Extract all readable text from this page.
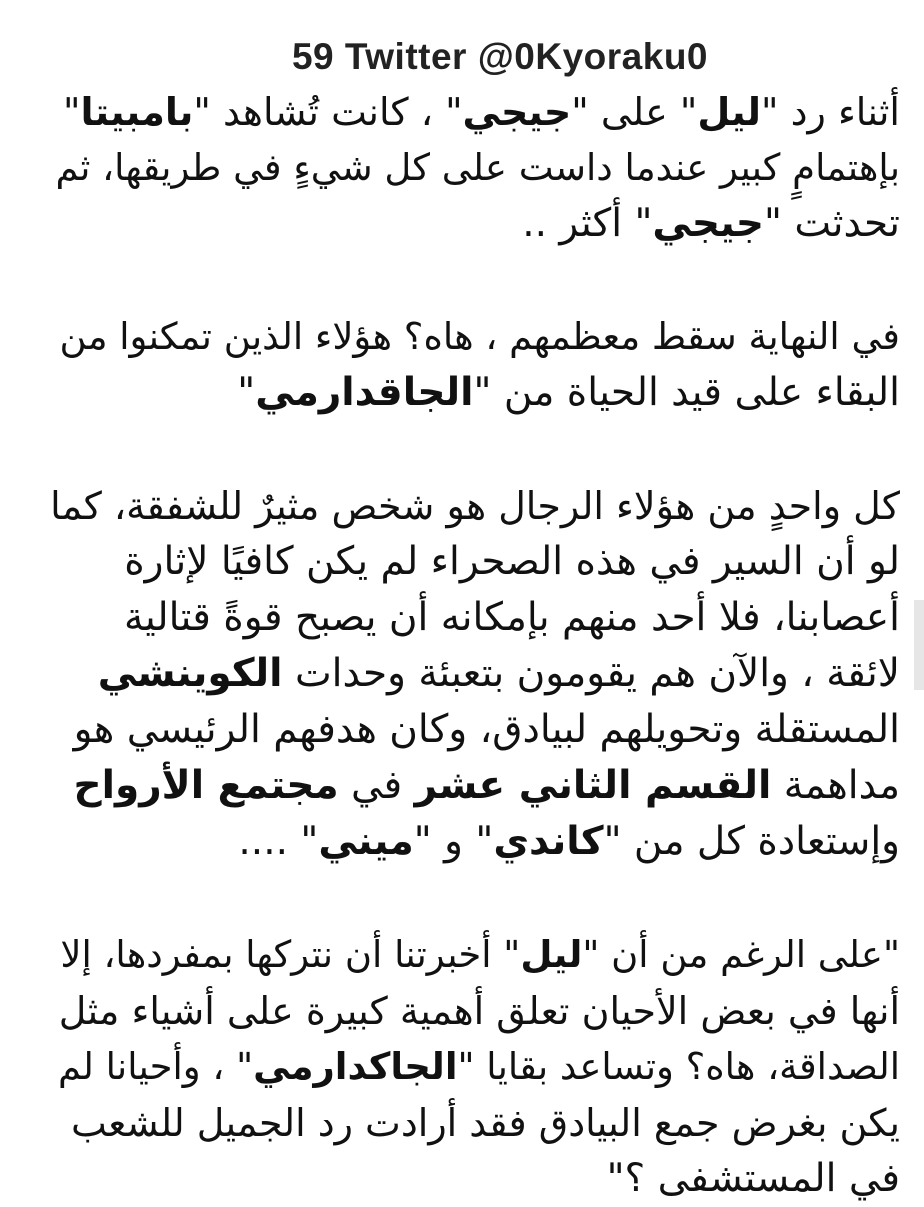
59 Twitter @0Kyoraku0
أثناء رد "ليل" على "جيجي" ، كانت تُشاهد "بامبيتا"
بإهتمامٍ كبير عندما داست على كل شيءٍ في طريقها، ثم
تحدثت "جيجي" أكثر ..
في النهاية سقط معظمهم ، هاه؟ هؤلاء الذين تمكنوا من
البقاء على قيد الحياة من "الجاقدارمي"
كل واحدٍ من هؤلاء الرجال هو شخص مثيرٌ للشفقة، كما
لو أن السير في هذه الصحراء لم يكن كافيًا لإثارة
أعصابنا، فلا أحد منهم بإمكانه أن يصبح قوةً قتالية
لائقة ، والآن هم يقومون بتعبئة وحدات الكوينشي
المستقلة وتحويلهم لبيادق، وكان هدفهم الرئيسي هو
مداهمة القسم الثاني عشر في مجتمع الأرواح
وإستعادة كل من "كاندي" و "ميني" ....
"على الرغم من أن "ليل" أخبرتنا أن نتركها بمفردها، إلا
أنها في بعض الأحيان تعلق أهمية كبيرة على أشياء مثل
الصداقة، هاه؟ وتساعد بقايا "الجاكدارمي" ، وأحيانا لم
يكن بغرض جمع البيادق فقد أرادت رد الجميل للشعب
في المستشفى ؟"
